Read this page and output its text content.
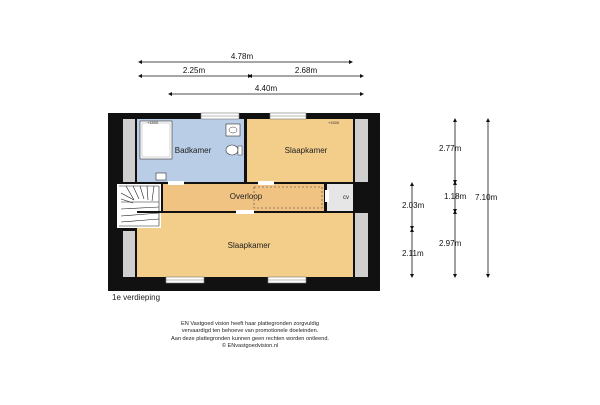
+1500	+1500
Badkamer	Slaapkamer
Overloop	cv
Slaapkamer
4.78m
2.25m	2.68m
4.40m
2.77m
1.18m
2.97m
7.10m
2.03m
2.11m
1e verdieping
EN Vastgoed vision heeft haar plattegronden zorgvuldig
vervaardigd ten behoeve van promotionele doeleinden.
Aan deze plattegronden kunnen geen rechten worden ontleend.
© ENvastgoedvision.nl
